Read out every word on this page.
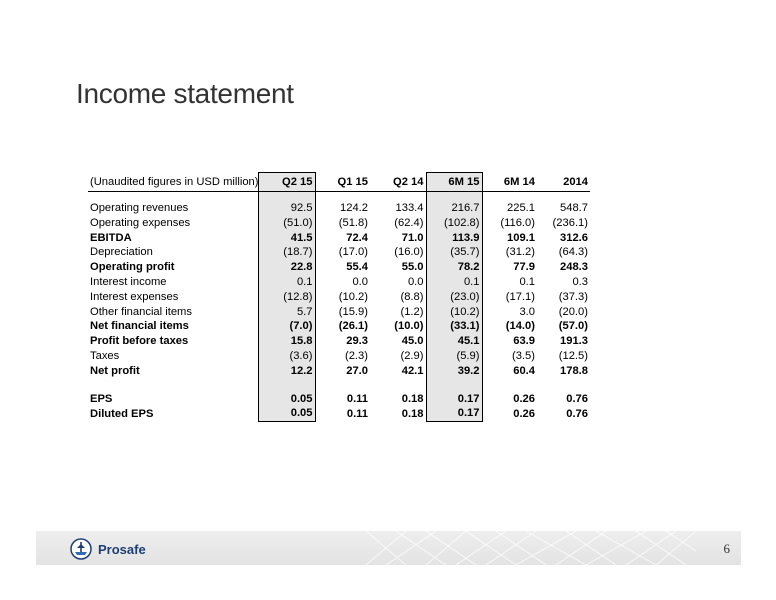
Income statement
(Unaudited figures in USD million)	Q2 15	Q1 15	Q2 14	6M 15	6M 14	2014

Operating revenues	92.5	124.2	133.4	216.7	225.1	548.7
Operating expenses	(51.0)	(51.8)	(62.4)	(102.8)	(116.0)	(236.1)
EBITDA	41.5	72.4	71.0	113.9	109.1	312.6
Depreciation	(18.7)	(17.0)	(16.0)	(35.7)	(31.2)	(64.3)
Operating profit	22.8	55.4	55.0	78.2	77.9	248.3
Interest income	0.1	0.0	0.0	0.1	0.1	0.3
Interest expenses	(12.8)	(10.2)	(8.8)	(23.0)	(17.1)	(37.3)
Other financial items	5.7	(15.9)	(1.2)	(10.2)	3.0	(20.0)
Net financial items	(7.0)	(26.1)	(10.0)	(33.1)	(14.0)	(57.0)
Profit before taxes	15.8	29.3	45.0	45.1	63.9	191.3
Taxes	(3.6)	(2.3)	(2.9)	(5.9)	(3.5)	(12.5)
Net profit	12.2	27.0	42.1	39.2	60.4	178.8

EPS	0.05	0.11	0.18	0.17	0.26	0.76
Diluted EPS	0.05	0.11	0.18	0.17	0.26	0.76
Prosafe	6
